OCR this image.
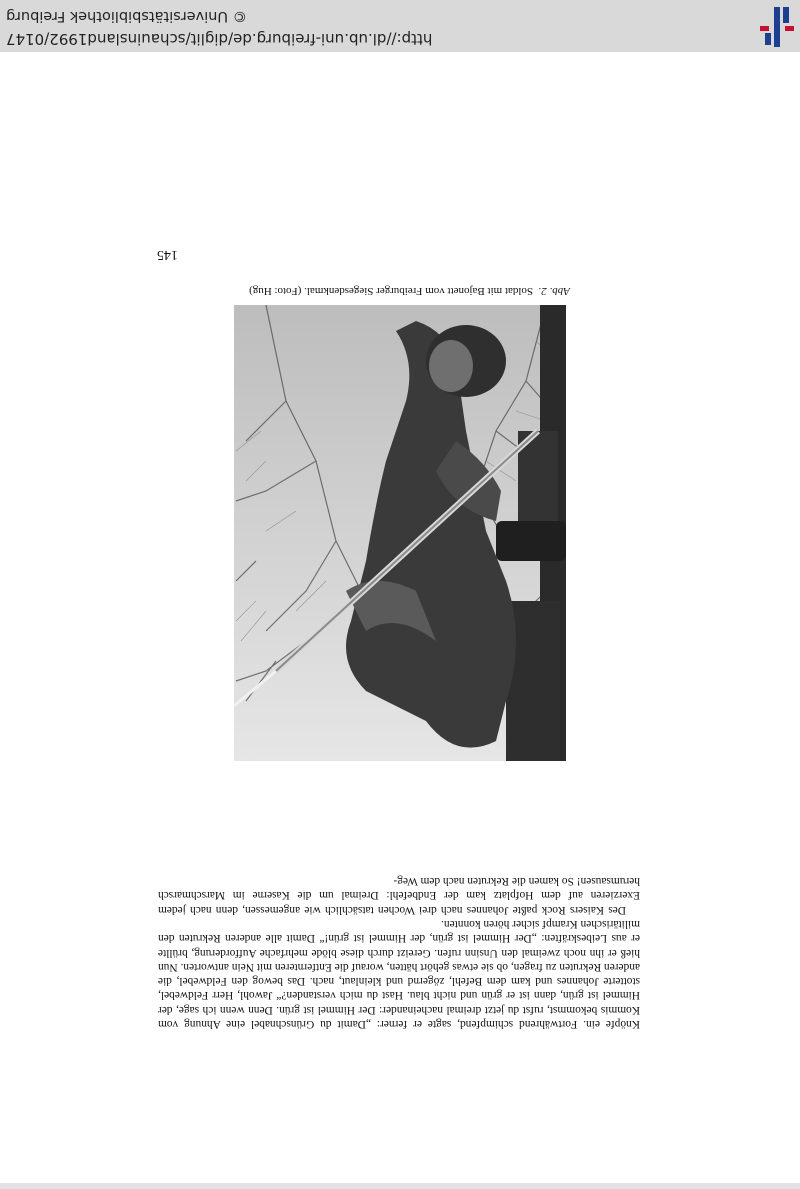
Knöpfe ein. Fortwährend schimpfend, sagte er ferner: „Damit du Grünschnabel eine Ahnung vom Kommis bekommst, rufst du jetzt dreimal nacheinander: Der Himmel ist grün. Denn wenn ich sage, der Himmel ist grün, dann ist er grün und nicht blau. Hast du mich verstanden?“ Jawohl, Herr Feldwebel, stotterte Johannes und kam dem Befehl, zögernd und kleinlaut, nach. Das bewog den Feldwebel, die anderen Rekruten zu fragen, ob sie etwas gehört hätten, worauf die Entfernteren mit Nein antworten. Nun hieß er ihn noch zweimal den Unsinn rufen. Gereizt durch diese blöde mehrfache Aufforderung, brüllte er aus Leibeskräften: „Der Himmel ist grün, der Himmel ist grün!“ Damit alle anderen Rekruten den militärischen Krampf sicher hören konnten.

Des Kaisers Rock paßte Johannes nach drei Wochen tatsächlich wie angemessen, denn nach jedem Exerzieren auf dem Hofplatz kam der Endbefehl: Dreimal um die Kaserne im Marschmarsch herumsausen! So kamen die Rekruten nach dem Weg-

Abb. 2.  Soldat mit Bajonett vom Freiburger Siegesdenkmal. (Foto: Hug)
145
© Universitätsbibliothek Freiburg
http://dl.ub.uni-freiburg.de/diglit/schauinsland1992/0147
